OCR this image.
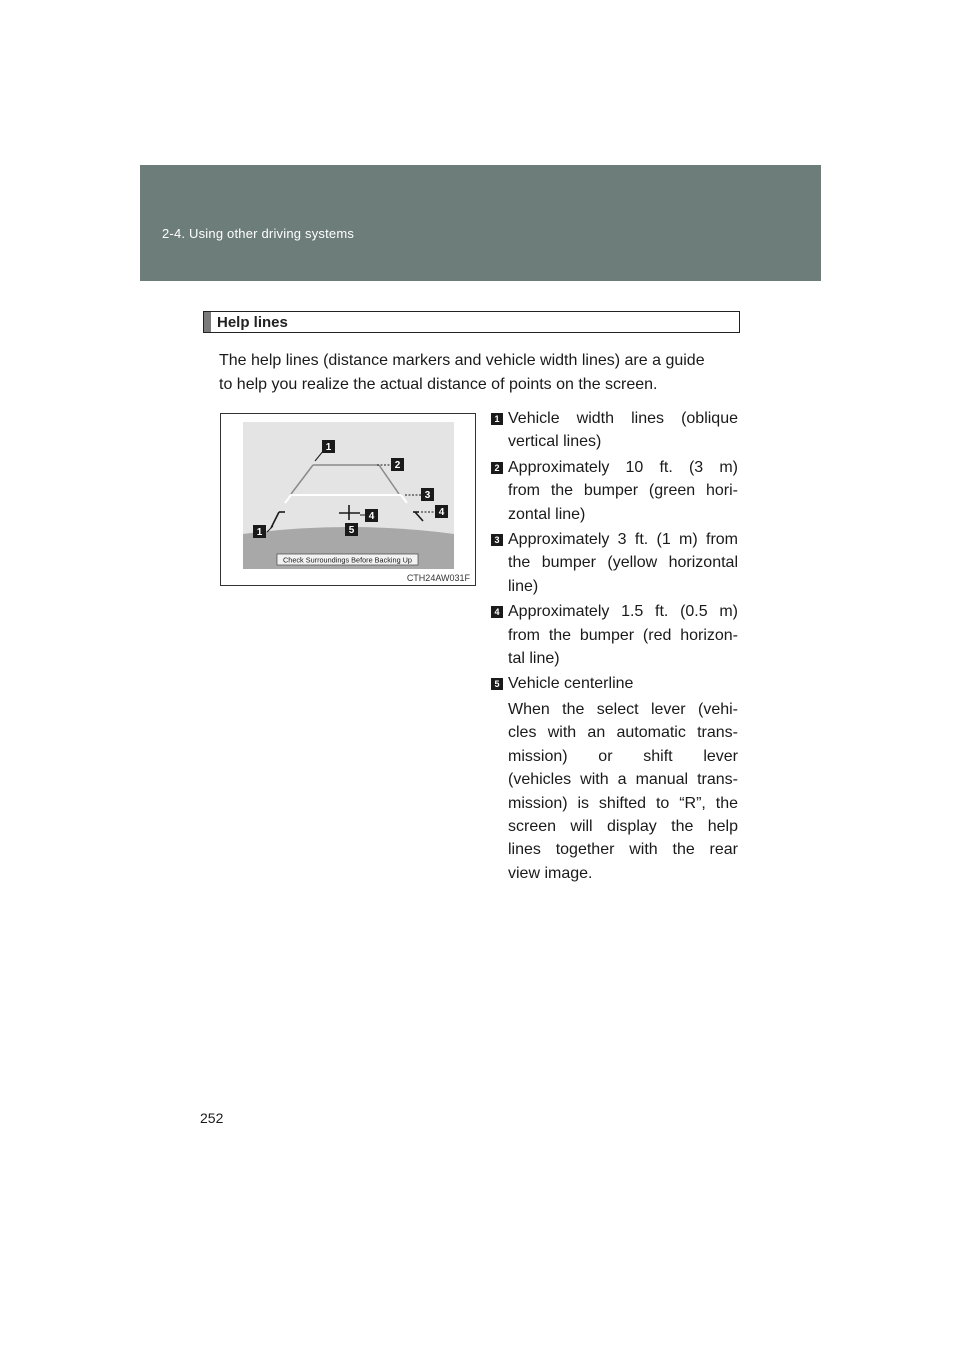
2-4. Using other driving systems
Help lines
The help lines (distance markers and vehicle width lines) are a guide
to help you realize the actual distance of points on the screen.
1
2
3
4
4
5
1
Check Surroundings Before Backing Up
CTH24AW031F
1 Vehicle width lines (oblique
vertical lines)
2 Approximately 10 ft. (3 m)
from the bumper (green hori-
zontal line)
3 Approximately 3 ft. (1 m) from
the bumper (yellow horizontal
line)
4 Approximately 1.5 ft. (0.5 m)
from the bumper (red horizon-
tal line)
5 Vehicle centerline
When the select lever (vehi-
cles with an automatic trans-
mission) or shift lever
(vehicles with a manual trans-
mission) is shifted to “R”, the
screen will display the help
lines together with the rear
view image.
252
